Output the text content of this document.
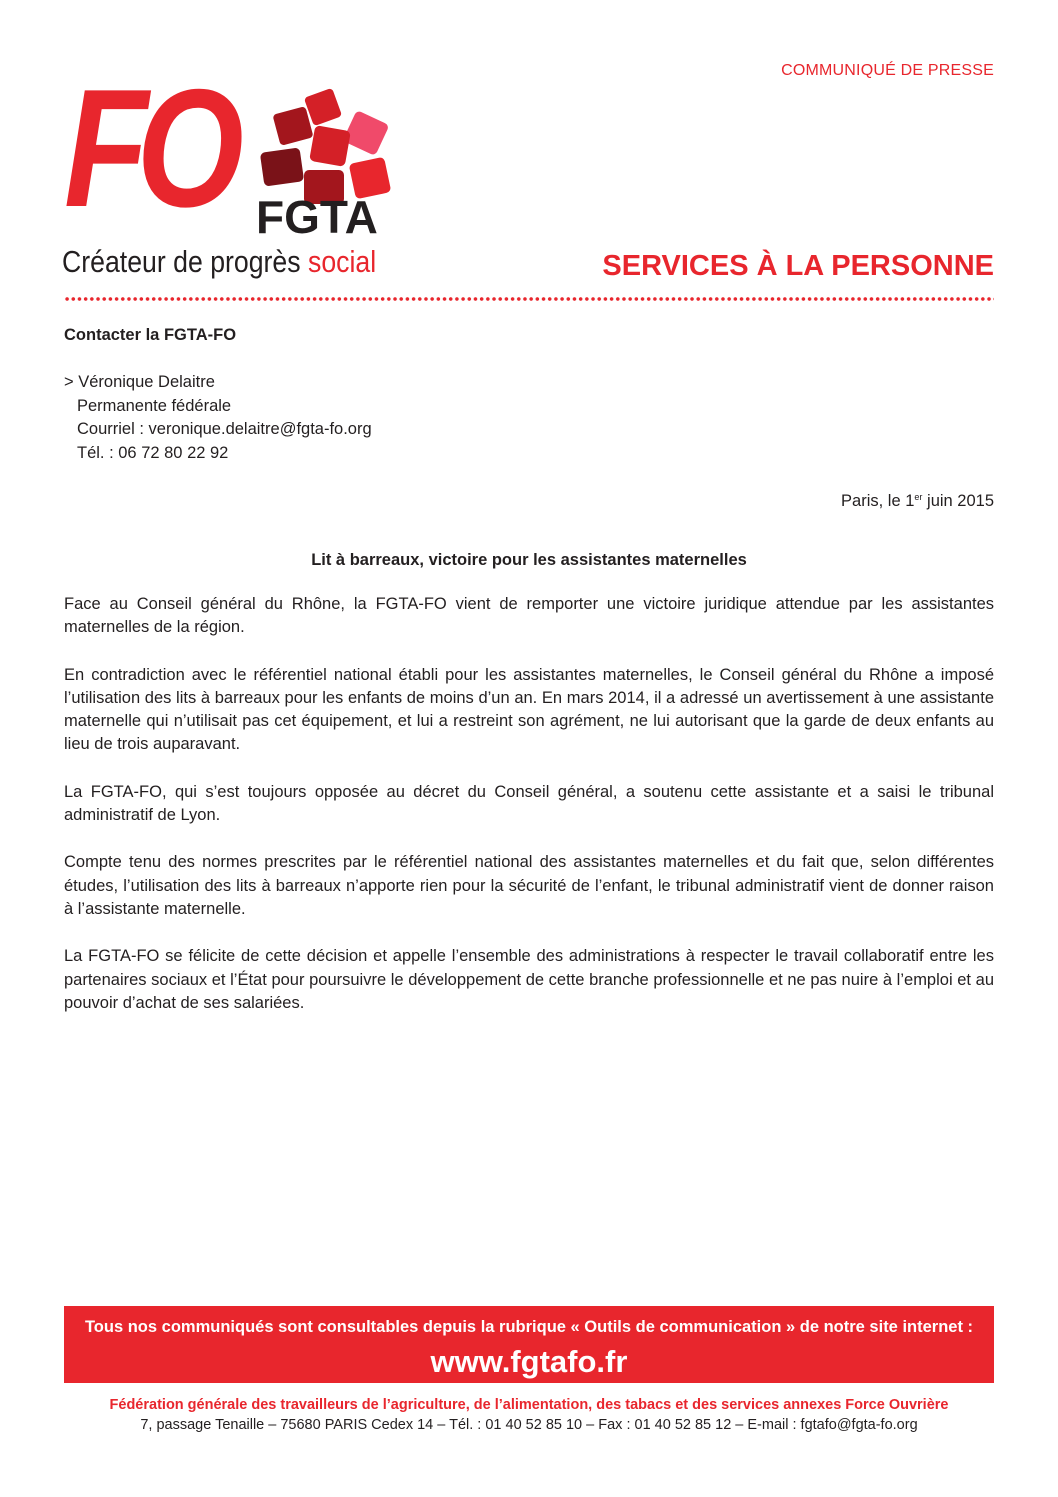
COMMUNIQUÉ DE PRESSE
FO FGTA
Créateur de progrès social	SERVICES À LA PERSONNE
Contacter la FGTA-FO
> Véronique Delaitre
Permanente fédérale
Courriel : veronique.delaitre@fgta-fo.org
Tél. : 06 72 80 22 92
Paris, le 1er juin 2015
Lit à barreaux, victoire pour les assistantes maternelles

Face au Conseil général du Rhône, la FGTA-FO vient de remporter une victoire juridique attendue par les assistantes maternelles de la région.

En contradiction avec le référentiel national établi pour les assistantes maternelles, le Conseil général du Rhône a imposé l’utilisation des lits à barreaux pour les enfants de moins d’un an. En mars 2014, il a adressé un avertissement à une assistante maternelle qui n’utilisait pas cet équipement, et lui a restreint son agrément, ne lui autorisant que la garde de deux enfants au lieu de trois auparavant.

La FGTA-FO, qui s’est toujours opposée au décret du Conseil général, a soutenu cette assistante et a saisi le tribunal administratif de Lyon.

Compte tenu des normes prescrites par le référentiel national des assistantes maternelles et du fait que, selon différentes études, l’utilisation des lits à barreaux n’apporte rien pour la sécurité de l’enfant, le tribunal administratif vient de donner raison à l’assistante maternelle.

La FGTA-FO se félicite de cette décision et appelle l’ensemble des administrations à respecter le travail collaboratif entre les partenaires sociaux et l’État pour poursuivre le développement de cette branche professionnelle et ne pas nuire à l’emploi et au pouvoir d’achat de ses salariées.

Tous nos communiqués sont consultables depuis la rubrique « Outils de communication » de notre site internet :
www.fgtafo.fr
Fédération générale des travailleurs de l’agriculture, de l’alimentation, des tabacs et des services annexes Force Ouvrière
7, passage Tenaille – 75680 PARIS Cedex 14 – Tél. : 01 40 52 85 10 – Fax : 01 40 52 85 12 – E-mail : fgtafo@fgta-fo.org
